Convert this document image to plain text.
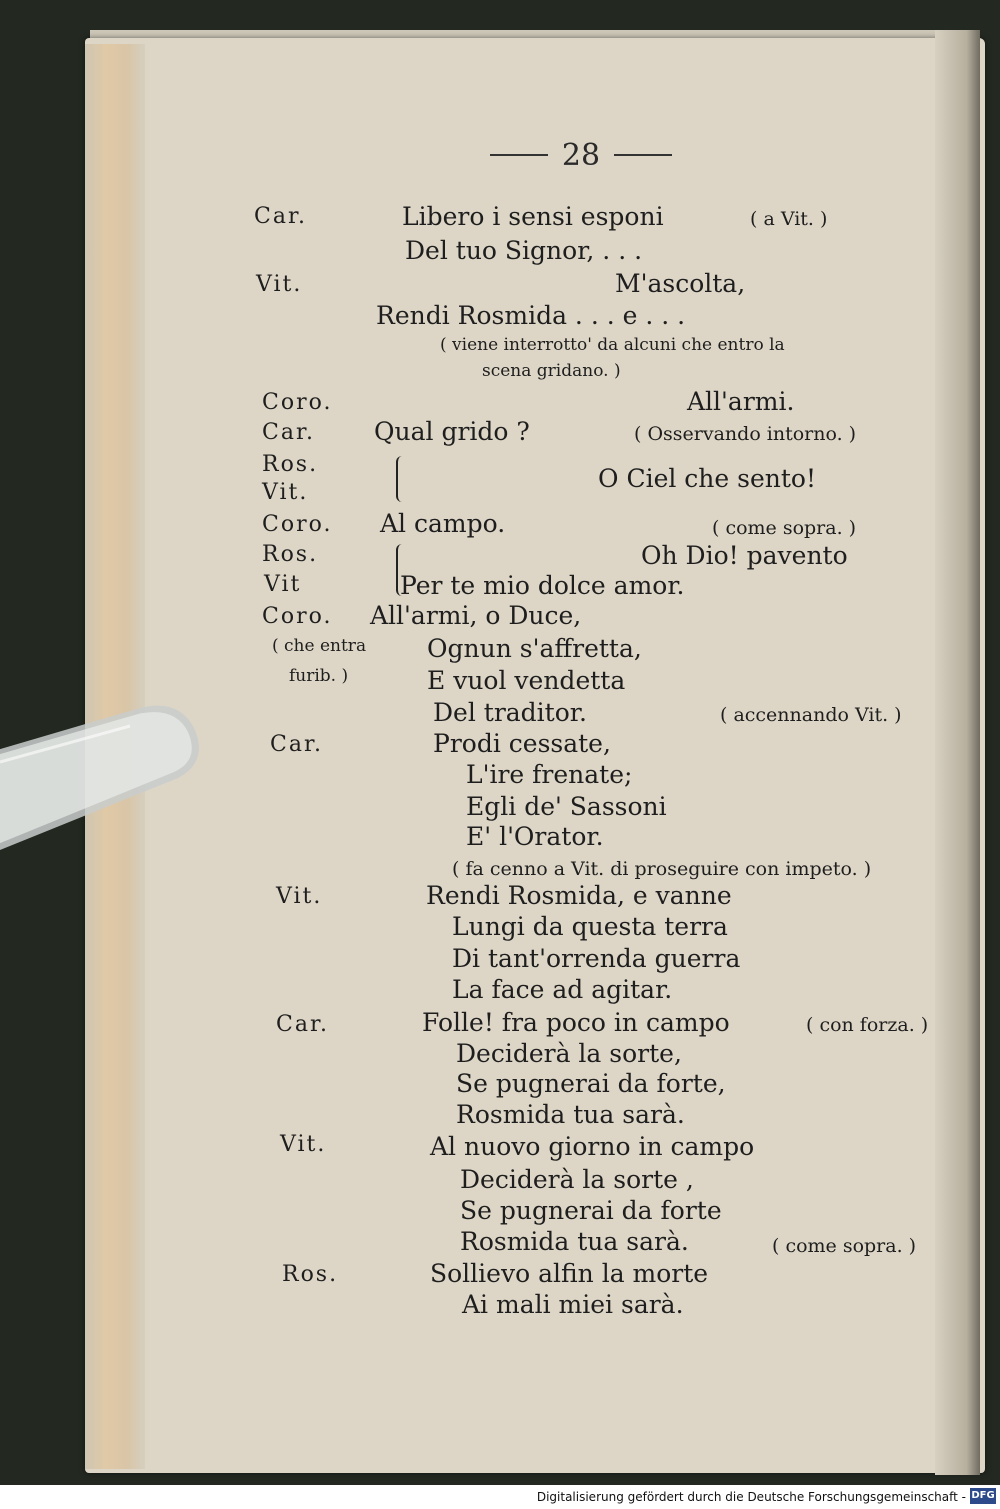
28
Car.	Libero i sensi esponi	( a Vit. )
Del tuo Signor, . . .
Vit.	M'ascolta,
Rendi Rosmida . . . e . . .
( viene interrotto' da alcuni che entro la
scena gridano. )
Coro.	All'armi.
Car. Qual grido ?	( Osservando intorno. )
Ros.
Vit.	O Ciel che sento!
Coro. Al campo.	( come sopra. )
Ros.	Oh Dio! pavento
Vit	Per te mio dolce amor.
Coro. All'armi, o Duce,
( che entra Ognun s'affretta,
furib. )	E vuol vendetta
Del traditor.	( accennando Vit. )
Car.	Prodi cessate,
L'ire frenate;
Egli de' Sassoni
E' l'Orator.
( fa cenno a Vit. di proseguire con impeto. )
Vit.	Rendi Rosmida, e vanne
Lungi da questa terra
Di tant'orrenda guerra
La face ad agitar.
Car.	Folle! fra poco in campo	( con forza. )
Deciderà la sorte,
Se pugnerai da forte,
Rosmida tua sarà.
Vit.	Al nuovo giorno in campo
Deciderà la sorte ,
Se pugnerai da forte
Rosmida tua sarà.	( come sopra. )
Ros.	Sollievo alfin la morte
Ai mali miei sarà.
Digitalisierung gefördert durch die Deutsche Forschungsgemeinschaft - DFG
